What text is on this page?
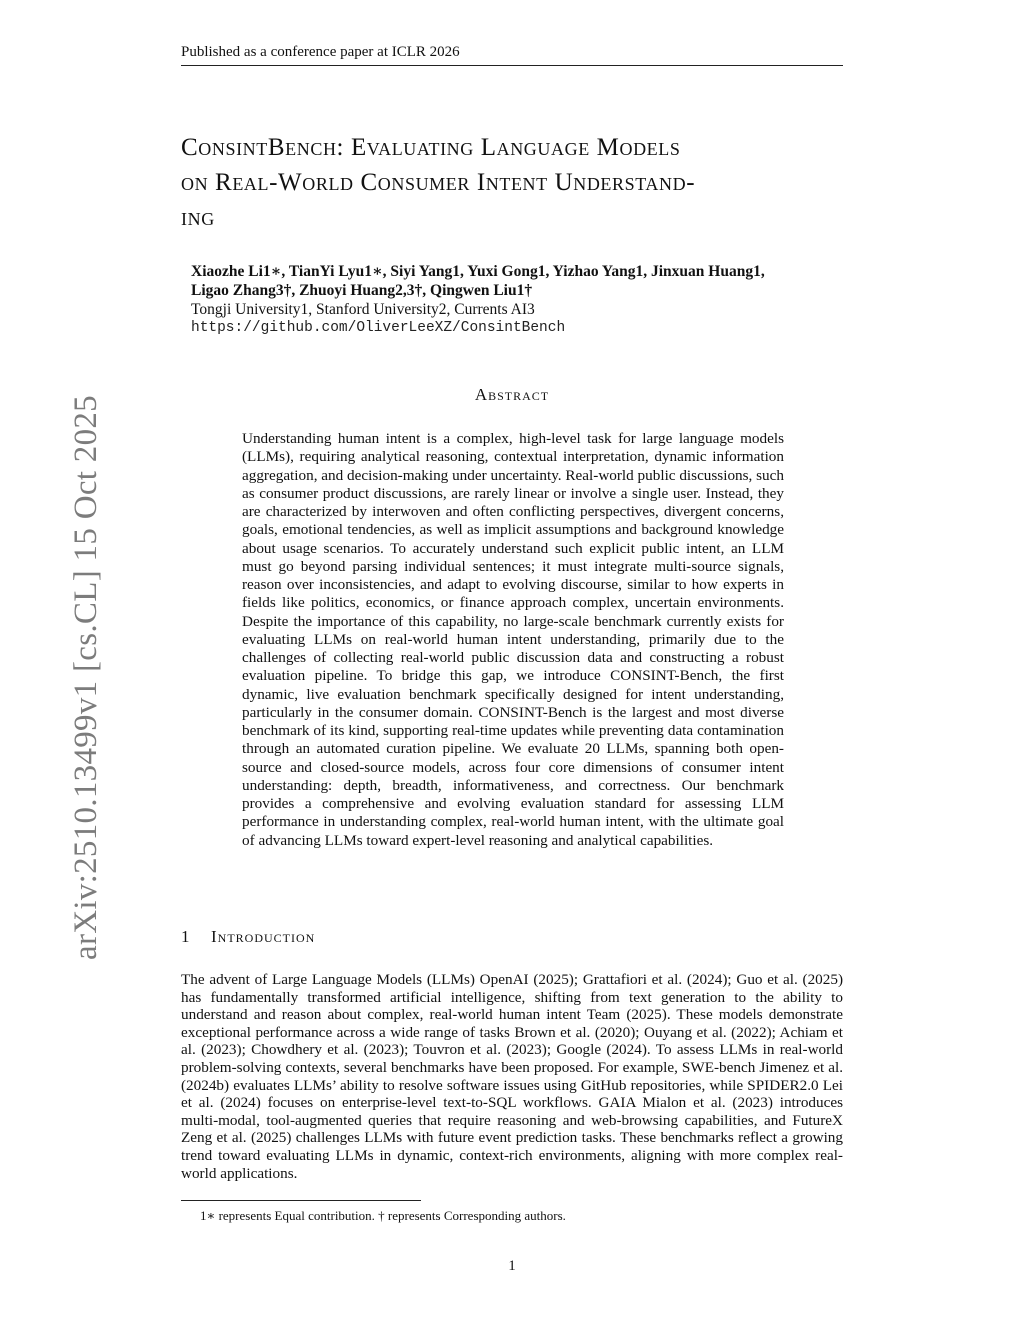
Published as a conference paper at ICLR 2026
arXiv:2510.13499v1 [cs.CL] 15 Oct 2025
ConsintBench: Evaluating Language Models
on Real-World Consumer Intent Understand-
ing
Xiaozhe Li1∗, TianYi Lyu1∗, Siyi Yang1, Yuxi Gong1, Yizhao Yang1, Jinxuan Huang1,
Ligao Zhang3†, Zhuoyi Huang2,3†, Qingwen Liu1†
Tongji University1, Stanford University2, Currents AI3
https://github.com/OliverLeeXZ/ConsintBench
Abstract

Understanding human intent is a complex, high-level task for large language models (LLMs), requiring analytical reasoning, contextual interpretation, dynamic information aggregation, and decision-making under uncertainty. Real-world public discussions, such as consumer product discussions, are rarely linear or involve a single user. Instead, they are characterized by interwoven and often conflicting perspectives, divergent concerns, goals, emotional tendencies, as well as implicit assumptions and background knowledge about usage scenarios. To accurately understand such explicit public intent, an LLM must go beyond parsing individual sentences; it must integrate multi-source signals, reason over inconsistencies, and adapt to evolving discourse, similar to how experts in fields like politics, economics, or finance approach complex, uncertain environments. Despite the importance of this capability, no large-scale benchmark currently exists for evaluating LLMs on real-world human intent understanding, primarily due to the challenges of collecting real-world public discussion data and constructing a robust evaluation pipeline. To bridge this gap, we introduce CONSINT-Bench, the first dynamic, live evaluation benchmark specifically designed for intent understanding, particularly in the consumer domain. CONSINT-Bench is the largest and most diverse benchmark of its kind, supporting real-time updates while preventing data contamination through an automated curation pipeline. We evaluate 20 LLMs, spanning both open-source and closed-source models, across four core dimensions of consumer intent understanding: depth, breadth, informativeness, and correctness. Our benchmark provides a comprehensive and evolving evaluation standard for assessing LLM performance in understanding complex, real-world human intent, with the ultimate goal of advancing LLMs toward expert-level reasoning and analytical capabilities.

1 Introduction

The advent of Large Language Models (LLMs) OpenAI (2025); Grattafiori et al. (2024); Guo et al. (2025) has fundamentally transformed artificial intelligence, shifting from text generation to the ability to understand and reason about complex, real-world human intent Team (2025). These models demonstrate exceptional performance across a wide range of tasks Brown et al. (2020); Ouyang et al. (2022); Achiam et al. (2023); Chowdhery et al. (2023); Touvron et al. (2023); Google (2024). To assess LLMs in real-world problem-solving contexts, several benchmarks have been proposed. For example, SWE-bench Jimenez et al. (2024b) evaluates LLMs’ ability to resolve software issues using GitHub repositories, while SPIDER2.0 Lei et al. (2024) focuses on enterprise-level text-to-SQL workflows. GAIA Mialon et al. (2023) introduces multi-modal, tool-augmented queries that require reasoning and web-browsing capabilities, and FutureX Zeng et al. (2025) challenges LLMs with future event prediction tasks. These benchmarks reflect a growing trend toward evaluating LLMs in dynamic, context-rich environments, aligning with more complex real-world applications.

1∗ represents Equal contribution. † represents Corresponding authors.
1
